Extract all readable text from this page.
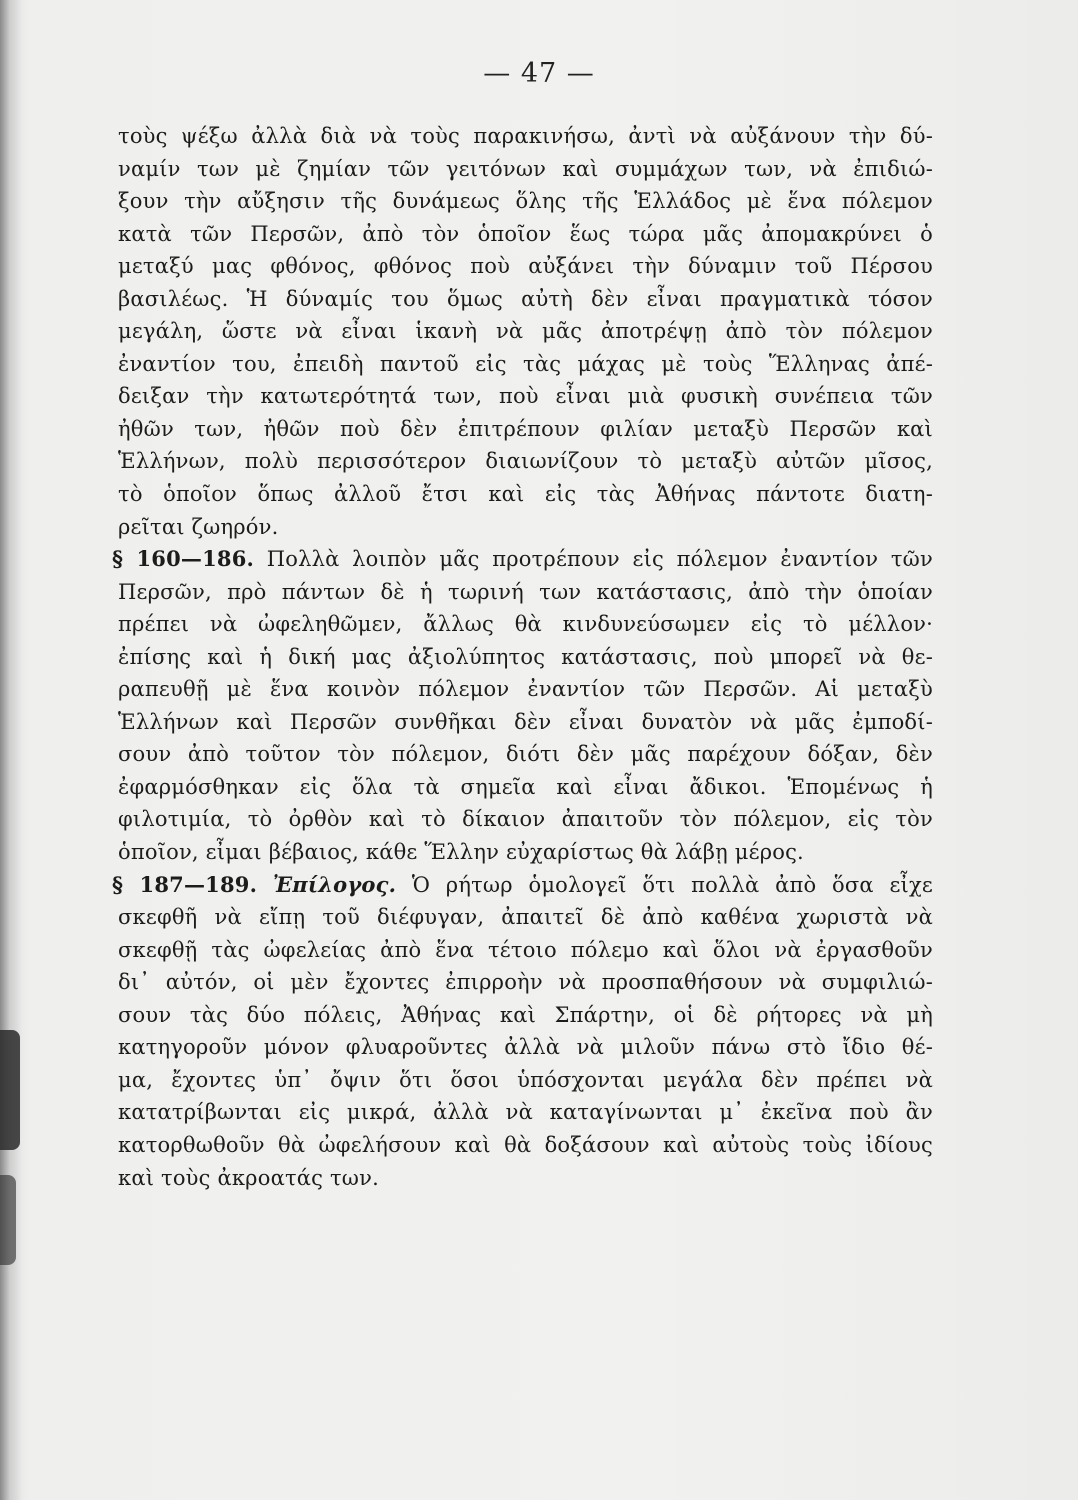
— 47 —
τοὺς ψέξω ἀλλὰ διὰ νὰ τοὺς παρακινήσω, ἀντὶ νὰ αὐξάνουν τὴν δύ-
ναμίν των μὲ ζημίαν τῶν γειτόνων καὶ συμμάχων των, νὰ ἐπιδιώ-
ξουν τὴν αὔξησιν τῆς δυνάμεως ὅλης τῆς Ἑλλάδος μὲ ἕνα πόλεμον
κατὰ τῶν Περσῶν, ἀπὸ τὸν ὁποῖον ἕως τώρα μᾶς ἀπομακρύνει ὁ
μεταξύ μας φθόνος, φθόνος ποὺ αὐξάνει τὴν δύναμιν τοῦ Πέρσου
βασιλέως. Ἡ δύναμίς του ὅμως αὐτὴ δὲν εἶναι πραγματικὰ τόσον
μεγάλη, ὥστε νὰ εἶναι ἱκανὴ νὰ μᾶς ἀποτρέψῃ ἀπὸ τὸν πόλεμον
ἐναντίον του, ἐπειδὴ παντοῦ εἰς τὰς μάχας μὲ τοὺς Ἕλληνας ἀπέ-
δειξαν τὴν κατωτερότητά των, ποὺ εἶναι μιὰ φυσικὴ συνέπεια τῶν
ἠθῶν των, ἠθῶν ποὺ δὲν ἐπιτρέπουν φιλίαν μεταξὺ Περσῶν καὶ
Ἑλλήνων, πολὺ περισσότερον διαιωνίζουν τὸ μεταξὺ αὐτῶν μῖσος,
τὸ ὁποῖον ὅπως ἀλλοῦ ἔτσι καὶ εἰς τὰς Ἀθήνας πάντοτε διατη-
ρεῖται ζωηρόν.
§ 160—186. Πολλὰ λοιπὸν μᾶς προτρέπουν εἰς πόλεμον ἐναντίον τῶν
Περσῶν, πρὸ πάντων δὲ ἡ τωρινή των κατάστασις, ἀπὸ τὴν ὁποίαν
πρέπει νὰ ὠφεληθῶμεν, ἄλλως θὰ κινδυνεύσωμεν εἰς τὸ μέλλον·
ἐπίσης καὶ ἡ δική μας ἀξιολύπητος κατάστασις, ποὺ μπορεῖ νὰ θε-
ραπευθῇ μὲ ἕνα κοινὸν πόλεμον ἐναντίον τῶν Περσῶν. Αἱ μεταξὺ
Ἑλλήνων καὶ Περσῶν συνθῆκαι δὲν εἶναι δυνατὸν νὰ μᾶς ἐμποδί-
σουν ἀπὸ τοῦτον τὸν πόλεμον, διότι δὲν μᾶς παρέχουν δόξαν, δὲν
ἐφαρμόσθηκαν εἰς ὅλα τὰ σημεῖα καὶ εἶναι ἄδικοι. Ἑπομένως ἡ
φιλοτιμία, τὸ ὀρθὸν καὶ τὸ δίκαιον ἀπαιτοῦν τὸν πόλεμον, εἰς τὸν
ὁποῖον, εἶμαι βέβαιος, κάθε Ἕλλην εὐχαρίστως θὰ λάβῃ μέρος.
§ 187—189. Ἐπίλογος. Ὁ ρήτωρ ὁμολογεῖ ὅτι πολλὰ ἀπὸ ὅσα εἶχε
σκεφθῆ νὰ εἴπῃ τοῦ διέφυγαν, ἀπαιτεῖ δὲ ἀπὸ καθένα χωριστὰ νὰ
σκεφθῇ τὰς ὠφελείας ἀπὸ ἕνα τέτοιο πόλεμο καὶ ὅλοι νὰ ἐργασθοῦν
δι᾽ αὐτόν, οἱ μὲν ἔχοντες ἐπιρροὴν νὰ προσπαθήσουν νὰ συμφιλιώ-
σουν τὰς δύο πόλεις, Ἀθήνας καὶ Σπάρτην, οἱ δὲ ρήτορες νὰ μὴ
κατηγοροῦν μόνον φλυαροῦντες ἀλλὰ νὰ μιλοῦν πάνω στὸ ἴδιο θέ-
μα, ἔχοντες ὑπ᾽ ὄψιν ὅτι ὅσοι ὑπόσχονται μεγάλα δὲν πρέπει νὰ
κατατρίβωνται εἰς μικρά, ἀλλὰ νὰ καταγίνωνται μ᾽ ἐκεῖνα ποὺ ἂν
κατορθωθοῦν θὰ ὠφελήσουν καὶ θὰ δοξάσουν καὶ αὐτοὺς τοὺς ἰδίους
καὶ τοὺς ἀκροατάς των.
